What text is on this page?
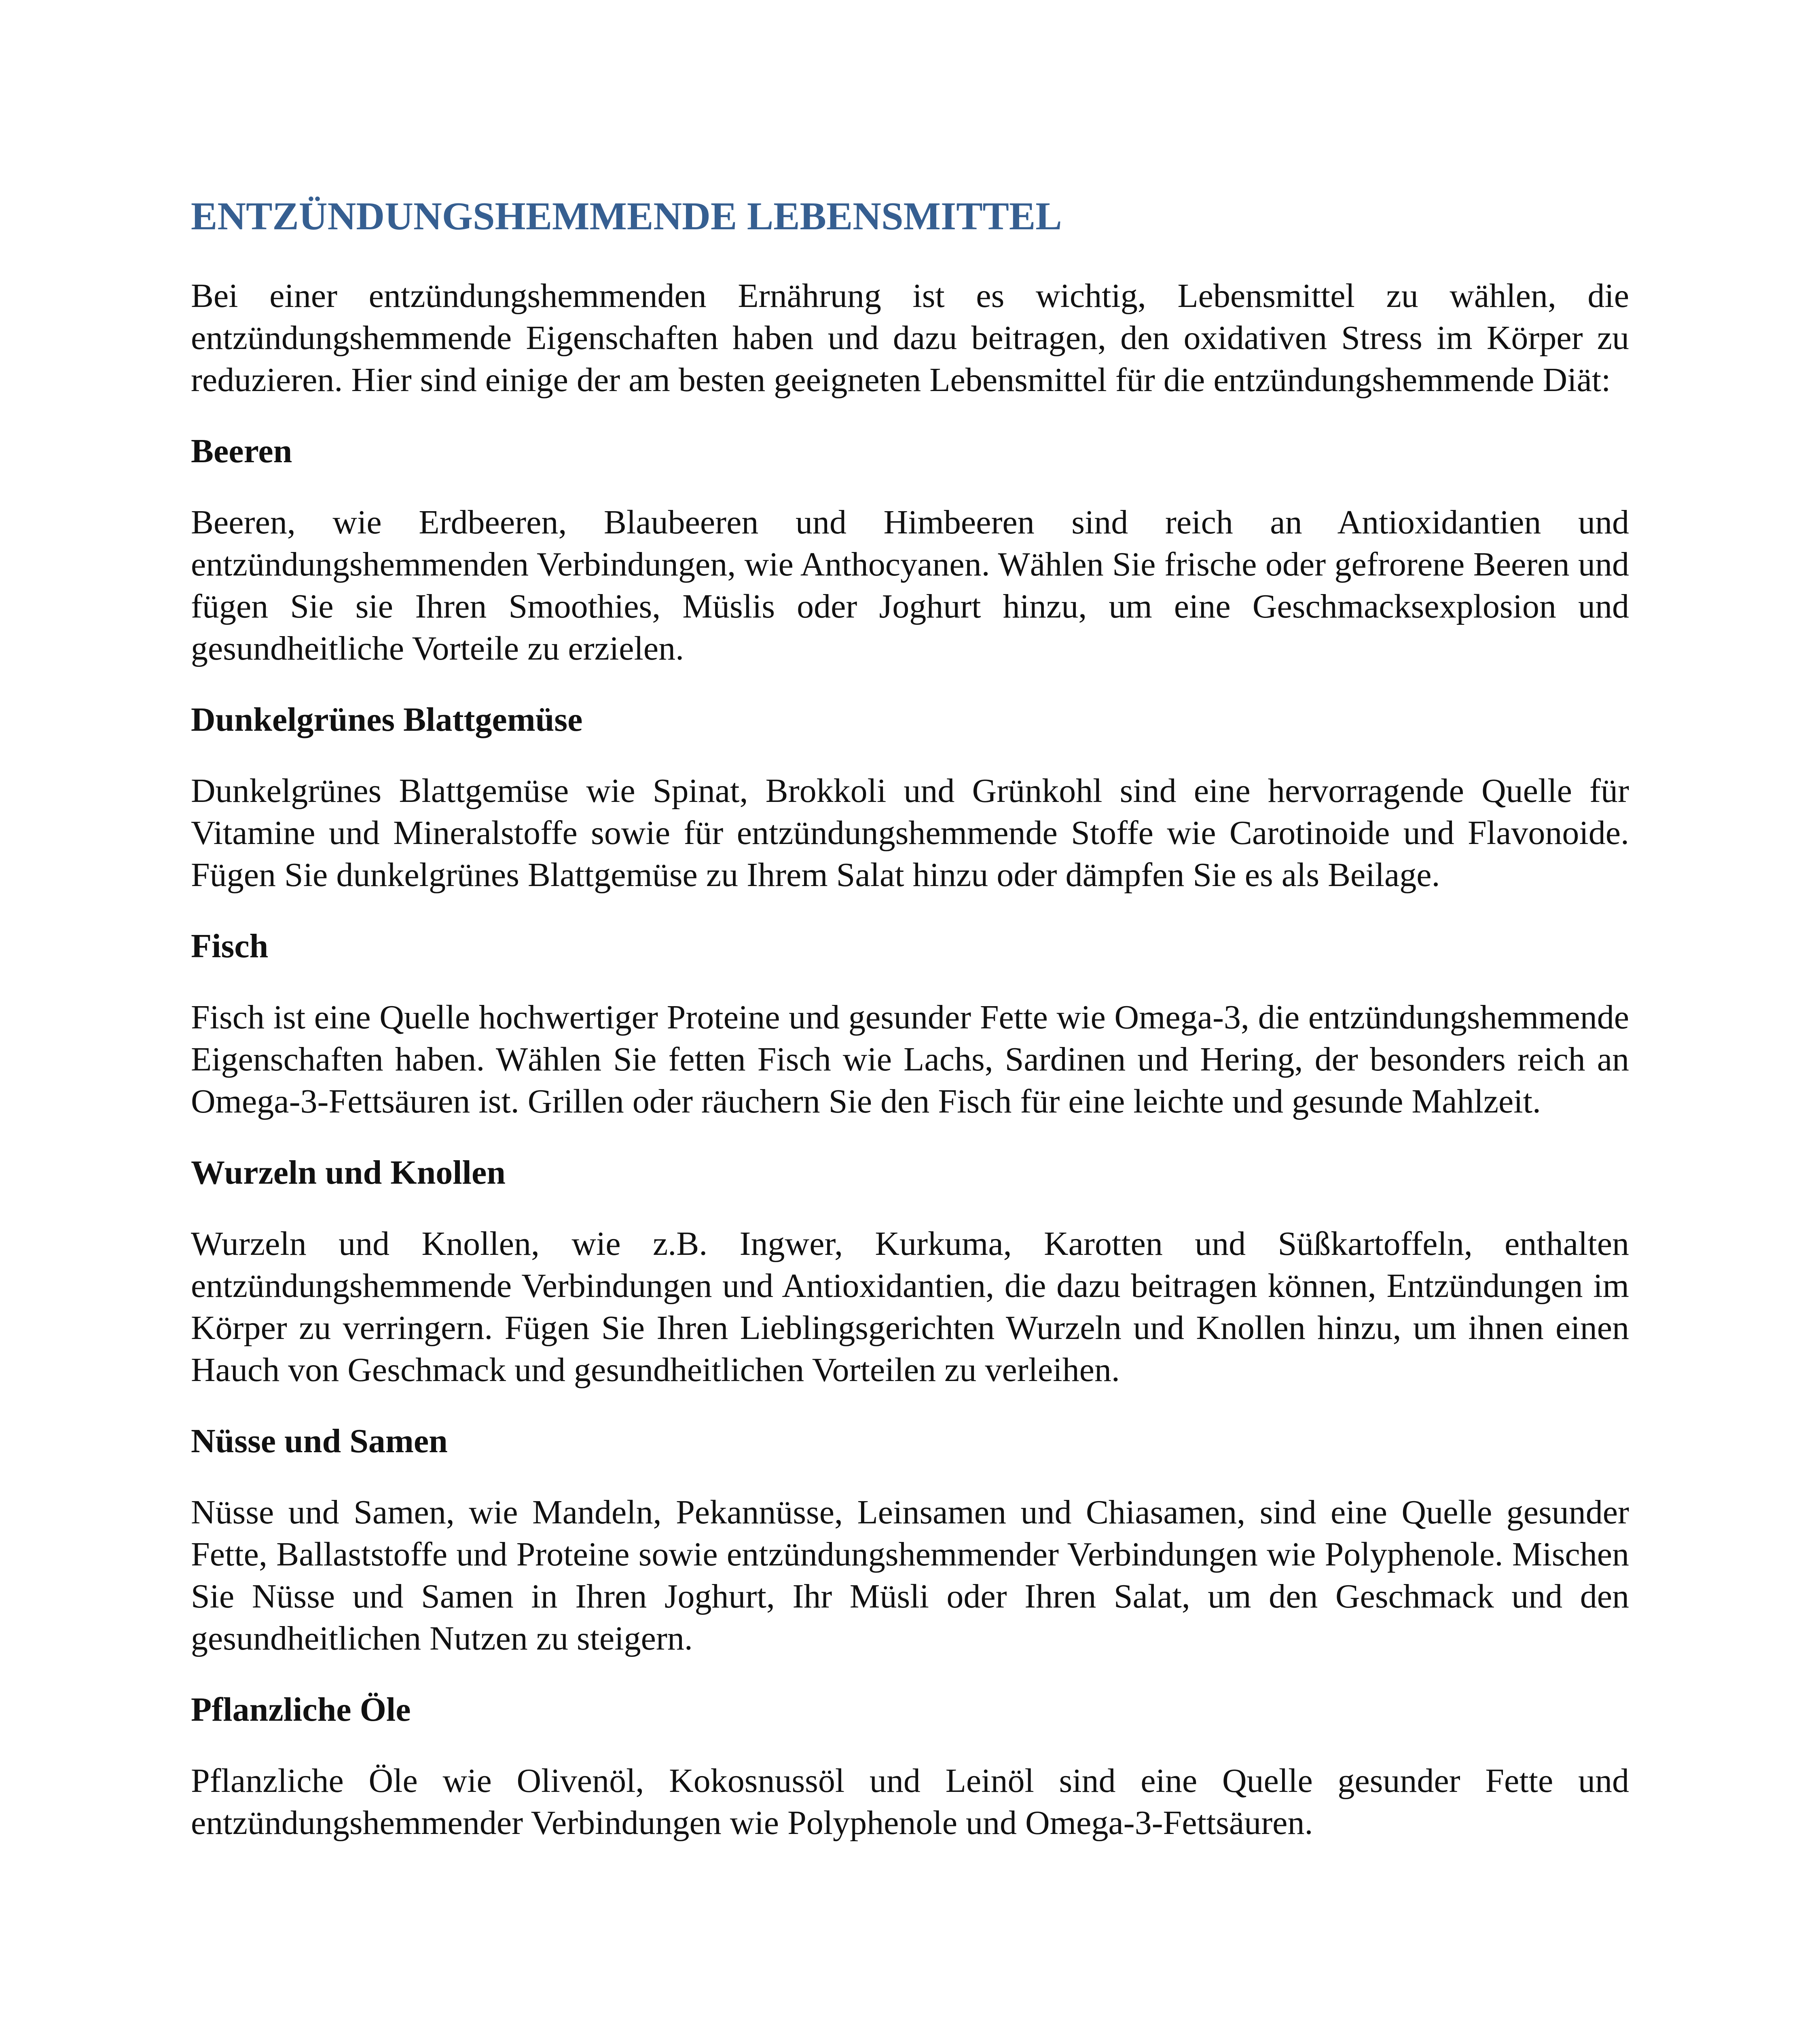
ENTZÜNDUNGSHEMMENDE LEBENSMITTEL

Bei einer entzündungshemmenden Ernährung ist es wichtig, Lebensmittel zu wählen, die entzündungshemmende Eigenschaften haben und dazu beitragen, den oxidativen Stress im Körper zu reduzieren. Hier sind einige der am besten geeigneten Lebensmittel für die entzündungshemmende Diät:

Beeren

Beeren, wie Erdbeeren, Blaubeeren und Himbeeren sind reich an Antioxidantien und entzündungshemmenden Verbindungen, wie Anthocyanen. Wählen Sie frische oder gefrorene Beeren und fügen Sie sie Ihren Smoothies, Müslis oder Joghurt hinzu, um eine Geschmacksexplosion und gesundheitliche Vorteile zu erzielen.

Dunkelgrünes Blattgemüse

Dunkelgrünes Blattgemüse wie Spinat, Brokkoli und Grünkohl sind eine hervorragende Quelle für Vitamine und Mineralstoffe sowie für entzündungshemmende Stoffe wie Carotinoide und Flavonoide. Fügen Sie dunkelgrünes Blattgemüse zu Ihrem Salat hinzu oder dämpfen Sie es als Beilage.

Fisch

Fisch ist eine Quelle hochwertiger Proteine und gesunder Fette wie Omega-3, die entzündungshemmende Eigenschaften haben. Wählen Sie fetten Fisch wie Lachs, Sardinen und Hering, der besonders reich an Omega-3-Fettsäuren ist. Grillen oder räuchern Sie den Fisch für eine leichte und gesunde Mahlzeit.

Wurzeln und Knollen

Wurzeln und Knollen, wie z.B. Ingwer, Kurkuma, Karotten und Süßkartoffeln, enthalten entzündungshemmende Verbindungen und Antioxidantien, die dazu beitragen können, Entzündungen im Körper zu verringern. Fügen Sie Ihren Lieblingsgerichten Wurzeln und Knollen hinzu, um ihnen einen Hauch von Geschmack und gesundheitlichen Vorteilen zu verleihen.

Nüsse und Samen

Nüsse und Samen, wie Mandeln, Pekannüsse, Leinsamen und Chiasamen, sind eine Quelle gesunder Fette, Ballaststoffe und Proteine sowie entzündungshemmender Verbindungen wie Polyphenole. Mischen Sie Nüsse und Samen in Ihren Joghurt, Ihr Müsli oder Ihren Salat, um den Geschmack und den gesundheitlichen Nutzen zu steigern.

Pflanzliche Öle

Pflanzliche Öle wie Olivenöl, Kokosnussöl und Leinöl sind eine Quelle gesunder Fette und entzündungshemmender Verbindungen wie Polyphenole und Omega-3-Fettsäuren.
